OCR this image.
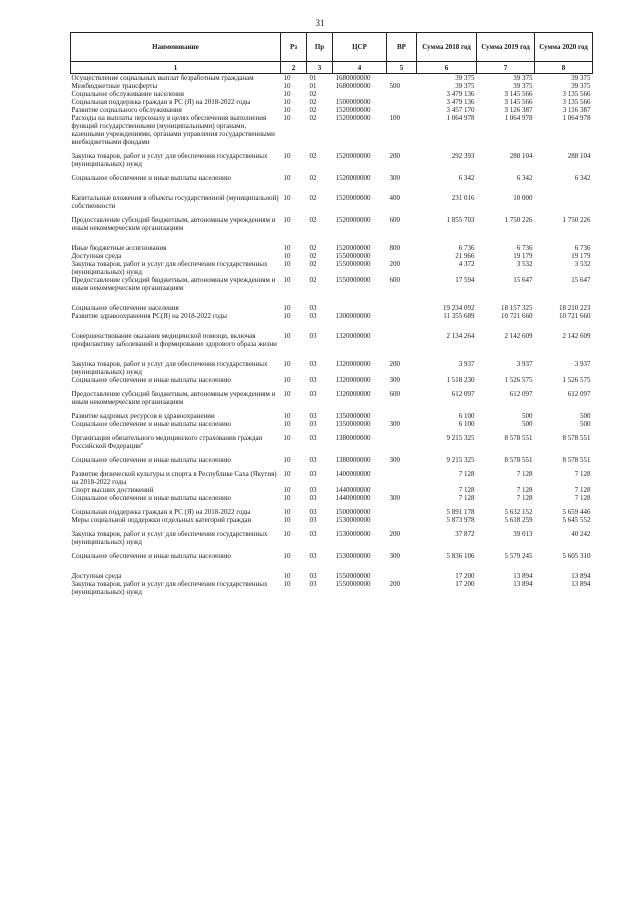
31
Наименование	Рз	Пр	ЦСР	ВР	Сумма 2018 год	Сумма 2019 год	Сумма 2020 год
1	2	3	4	5	6	7	8
Осуществление социальных выплат безработным гражданам	10	01	1680000000		39 375	39 375	39 375
Межбюджетные трансферты	10	01	1680000000	500	39 375	39 375	39 375
Социальное обслуживание населения	10	02			3 479 136	3 145 566	3 135 566
Социальная поддержка граждан в РС (Я) на 2018-2022 годы	10	02	1500000000		3 479 136	3 145 566	3 135 566
Развитие социального обслуживания	10	02	1520000000		3 457 170	3 126 387	3 116 387
Расходы на выплаты персоналу в целях обеспечения выполнения функций государственными (муниципальными) органами, казенными учреждениями, органами управления государственными внебюджетными фондами	10	02	1520000000	100	1 064 978	1 064 978	1 064 978
Закупка товаров, работ и услуг для обеспечения государственных (муниципальных) нужд	10	02	1520000000	200	292 393	288 104	288 104
Социальное обеспечение и иные выплаты населению	10	02	1520000000	300	6 342	6 342	6 342
Капитальные вложения в объекты государственной (муниципальной) собственности	10	02	1520000000	400	231 016	10 000	
Предоставление субсидий бюджетным, автономным учреждениям и иным некоммерческим организациям	10	02	1520000000	600	1 855 703	1 750 226	1 750 226
Иные бюджетные ассигнования	10	02	1520000000	800	6 736	6 736	6 736
Доступная среда	10	02	1550000000		21 966	19 179	19 179
Закупка товаров, работ и услуг для обеспечения государственных (муниципальных) нужд	10	02	1550000000	200	4 372	3 532	3 532
Предоставление субсидий бюджетным, автономным учреждениям и иным некоммерческим организациям	10	02	1550000000	600	17 594	15 647	15 647
Социальное обеспечение населения	10	03			19 234 092	18 157 325	18 210 223
Развитие здравоохранения РС(Я) на 2018-2022 годы	10	03	1300000000		11 355 689	10 721 660	10 721 660
Совершенствование оказания медицинской помощи, включая профилактику заболеваний и формирование здорового образа жизни	10	03	1320000000		2 134 264	2 142 609	2 142 609
Закупка товаров, работ и услуг для обеспечения государственных (муниципальных) нужд	10	03	1320000000	200	3 937	3 937	3 937
Социальное обеспечение и иные выплаты населению	10	03	1320000000	300	1 518 230	1 526 575	1 526 575
Предоставление субсидий бюджетным, автономным учреждениям и иным некоммерческим организациям	10	03	1320000000	600	612 097	612 097	612 097
Развитие кадровых ресурсов в здравоохранении	10	03	1350000000		6 100	500	500
Социальное обеспечение и иные выплаты населению	10	03	1350000000	300	6 100	500	500
Организация обязательного медицинского страхования граждан Российской Федерации"	10	03	1380000000		9 215 325	8 578 551	8 578 551
Социальное обеспечение и иные выплаты населению	10	03	1380000000	300	9 215 325	8 578 551	8 578 551
Развитие физической культуры и спорта в Республике Саха (Якутия) на 2018-2022 годы	10	03	1400000000		7 128	7 128	7 128
Спорт высших достижений	10	03	1440000000		7 128	7 128	7 128
Социальное обеспечение и иные выплаты населению	10	03	1440000000	300	7 128	7 128	7 128
Социальная поддержка граждан в РС (Я) на 2018-2022 годы	10	03	1500000000		5 891 178	5 632 152	5 659 446
Меры социальной поддержки отдельных категорий граждан	10	03	1530000000		5 873 978	5 618 259	5 645 552
Закупка товаров, работ и услуг для обеспечения государственных (муниципальных) нужд	10	03	1530000000	200	37 872	39 013	40 242
Социальное обеспечение и иные выплаты населению	10	03	1530000000	300	5 836 106	5 579 245	5 605 310
Доступная среда	10	03	1550000000		17 200	13 894	13 894
Закупка товаров, работ и услуг для обеспечения государственных (муниципальных) нужд	10	03	1550000000	200	17 200	13 894	13 894
